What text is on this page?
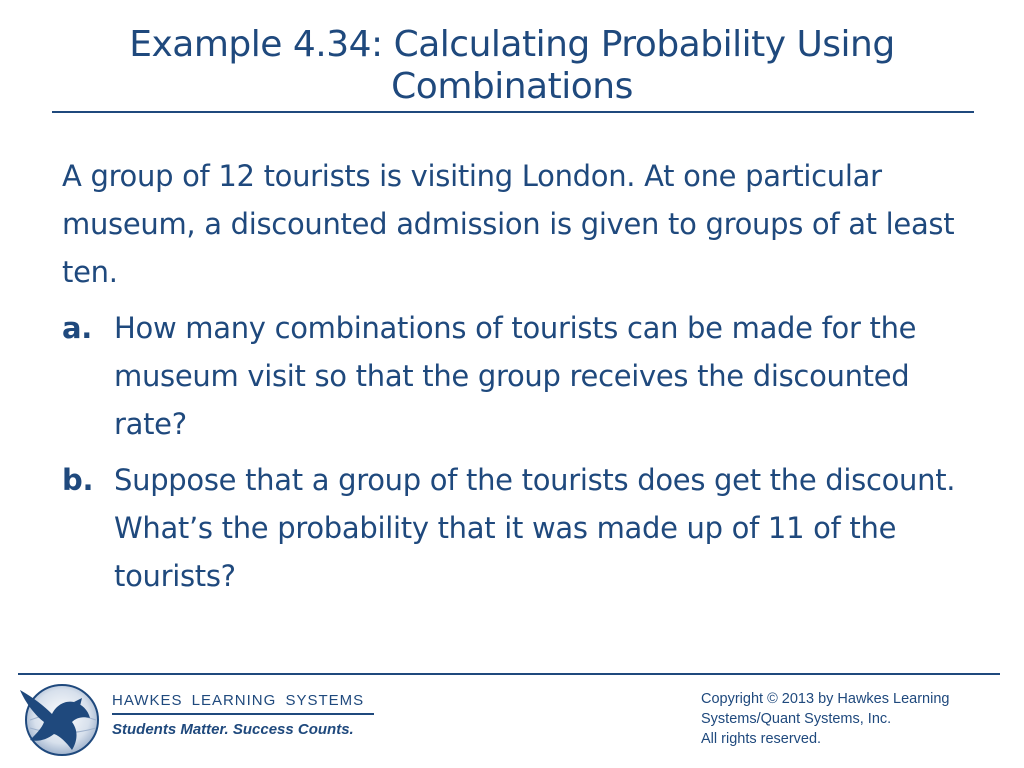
Example 4.34: Calculating Probability Using
Combinations

A group of 12 tourists is visiting London. At one particular museum, a discounted admission is given to groups of at least ten.

a. How many combinations of tourists can be made for the museum visit so that the group receives the discounted rate?
b. Suppose that a group of the tourists does get the discount. What’s the probability that it was made up of 11 of the tourists?
HAWKES LEARNING SYSTEMS
Students Matter. Success Counts.
Copyright © 2013 by Hawkes Learning
Systems/Quant Systems, Inc.
All rights reserved.
